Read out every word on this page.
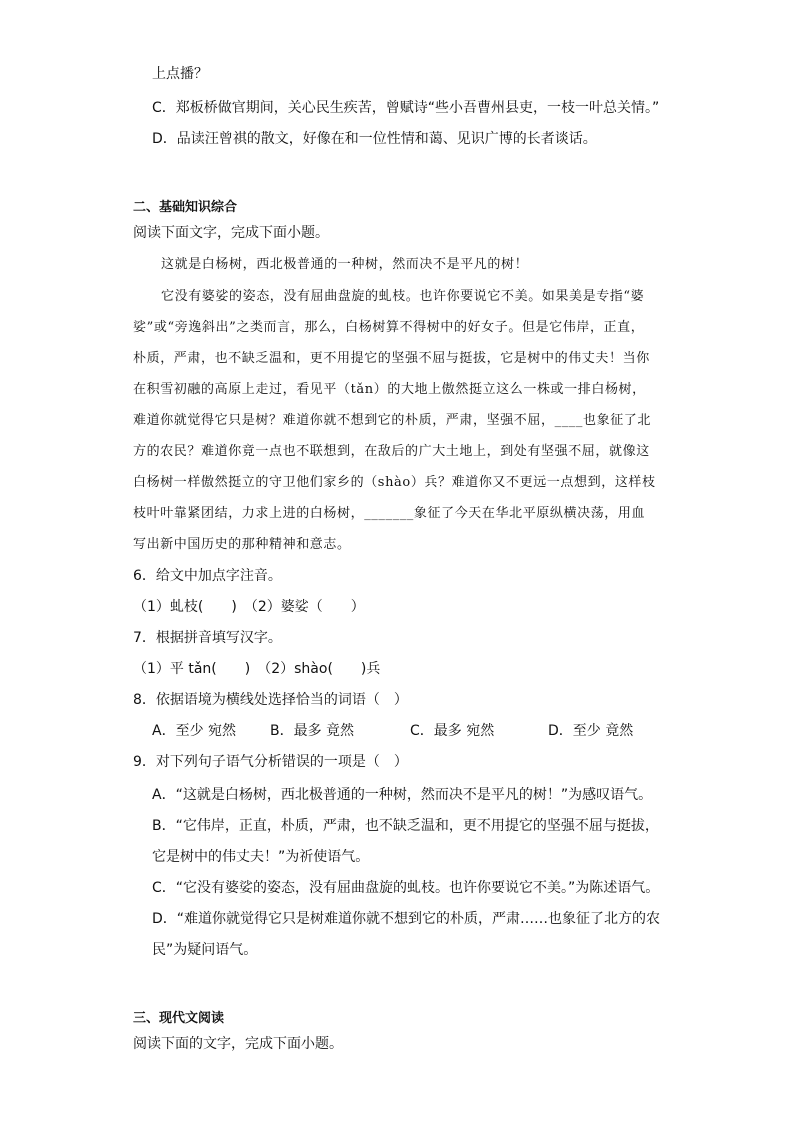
上点播？
C．郑板桥做官期间，关心民生疾苦，曾赋诗“些小吾曹州县吏，一枝一叶总关情。”
D．品读汪曾祺的散文，好像在和一位性情和蔼、见识广博的长者谈话。
二、基础知识综合
阅读下面文字，完成下面小题。
这就是白杨树，西北极普通的一种树，然而决不是平凡的树！
它没有婆娑的姿态，没有屈曲盘旋的虬枝。也许你要说它不美。如果美是专指“婆
娑”或“旁逸斜出”之类而言，那么，白杨树算不得树中的好女子。但是它伟岸，正直，
朴质，严肃，也不缺乏温和，更不用提它的坚强不屈与挺拔，它是树中的伟丈夫！当你
在积雪初融的高原上走过，看见平（tǎn）的大地上傲然挺立这么一株或一排白杨树，
难道你就觉得它只是树？难道你就不想到它的朴质，严肃，坚强不屈，____也象征了北
方的农民？难道你竟一点也不联想到，在敌后的广大土地上，到处有坚强不屈，就像这
白杨树一样傲然挺立的守卫他们家乡的（shào）兵？难道你又不更远一点想到，这样枝
枝叶叶靠紧团结，力求上进的白杨树，_______象征了今天在华北平原纵横决荡，用血
写出新中国历史的那种精神和意志。
6．给文中加点字注音。
（1）虬枝(　　)　（2）婆娑（　　）
7．根据拼音填写汉字。
（1）平 tǎn(　　)　（2）shào(　　)兵
8．依据语境为横线处选择恰当的词语（　）
A．至少 宛然 B．最多 竟然	C．最多 宛然	D．至少 竟然
9．对下列句子语气分析错误的一项是（　）
A．“这就是白杨树，西北极普通的一种树，然而决不是平凡的树！”为感叹语气。
B．“它伟岸，正直，朴质，严肃，也不缺乏温和，更不用提它的坚强不屈与挺拔，
它是树中的伟丈夫！”为祈使语气。
C．“它没有婆娑的姿态，没有屈曲盘旋的虬枝。也许你要说它不美。”为陈述语气。
D．“难道你就觉得它只是树难道你就不想到它的朴质，严肃……也象征了北方的农
民”为疑问语气。
三、现代文阅读
阅读下面的文字，完成下面小题。
